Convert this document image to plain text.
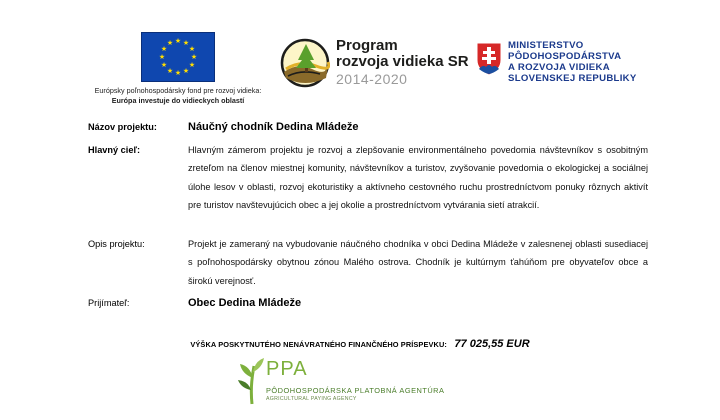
★ ★
★
★
★
★
★
★
★
★
★
★
Európsky poľnohospodársky fond pre rozvoj vidieka:
Európa investuje do vidieckych oblastí
Program
rozvoja vidieka SR
2014-2020
MINISTERSTVO
PÔDOHOSPODÁRSTVA
A ROZVOJA VIDIEKA
SLOVENSKEJ REPUBLIKY
Názov projektu:	Náučný chodník Dedina Mládeže
Hlavný cieľ:	Hlavným zámerom projektu je rozvoj a zlepšovanie environmentálneho povedomia návštevníkov s osobitným zreteľom na členov miestnej komunity, návštevníkov a turistov, zvyšovanie povedomia o ekologickej a sociálnej úlohe lesov v oblasti, rozvoj ekoturistiky a aktívneho cestovného ruchu prostredníctvom ponuky rôznych aktivít pre turistov navštevujúcich obec a jej okolie a prostredníctvom vytvárania sietí atrakcií.
Opis projektu:	Projekt je zameraný na vybudovanie náučného chodníka v obci Dedina Mládeže v zalesnenej oblasti susediacej s poľnohospodársky obytnou zónou Malého ostrova. Chodník je kultúrnym ťahúňom pre obyvateľov obce a širokú verejnosť.
Prijímateľ:	Obec Dedina Mládeže
VÝŠKA POSKYTNUTÉHO NENÁVRATNÉHO FINANČNÉHO PRÍSPEVKU: 77 025,55 EUR
PPA
PÔDOHOSPODÁRSKA PLATOBNÁ AGENTÚRA
AGRICULTURAL PAYING AGENCY
